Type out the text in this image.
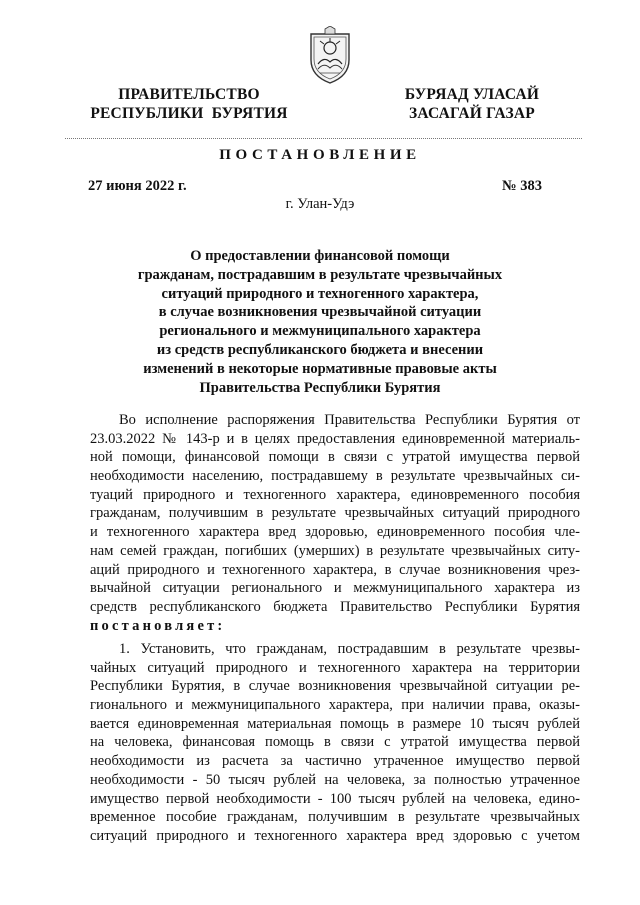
ПРАВИТЕЛЬСТВО
РЕСПУБЛИКИ  БУРЯТИЯ
БУРЯАД УЛАСАЙ
ЗАСАГАЙ ГАЗАР
ПОСТАНОВЛЕНИЕ
27 июня 2022 г.	№ 383
г. Улан-Удэ
О предоставлении финансовой помощи
гражданам, пострадавшим в результате чрезвычайных
ситуаций природного и техногенного характера,
в случае возникновения чрезвычайной ситуации
регионального и межмуниципального характера
из средств республиканского бюджета и внесении
изменений в некоторые нормативные правовые акты
Правительства Республики Бурятия
Во исполнение распоряжения Правительства Республики Бурятия от
23.03.2022 № 143-р и в целях предоставления единовременной материаль-
ной помощи, финансовой помощи в связи с утратой имущества первой
необходимости населению, пострадавшему в результате чрезвычайных си-
туаций природного и техногенного характера, единовременного пособия
гражданам, получившим в результате чрезвычайных ситуаций природного
и техногенного характера вред здоровью, единовременного пособия чле-
нам семей граждан, погибших (умерших) в результате чрезвычайных ситу-
аций природного и техногенного характера, в случае возникновения чрез-
вычайной ситуации регионального и межмуниципального характера из
средств республиканского бюджета Правительство Республики Бурятия
постановляет:
1. Установить, что гражданам, пострадавшим в результате чрезвы-
чайных ситуаций природного и техногенного характера на территории
Республики Бурятия, в случае возникновения чрезвычайной ситуации ре-
гионального и межмуниципального характера, при наличии права, оказы-
вается единовременная материальная помощь в размере 10 тысяч рублей
на человека, финансовая помощь в связи с утратой имущества первой
необходимости из расчета за частично утраченное имущество первой
необходимости - 50 тысяч рублей на человека, за полностью утраченное
имущество первой необходимости - 100 тысяч рублей на человека, едино-
временное пособие гражданам, получившим в результате чрезвычайных
ситуаций природного и техногенного характера вред здоровью с учетом
